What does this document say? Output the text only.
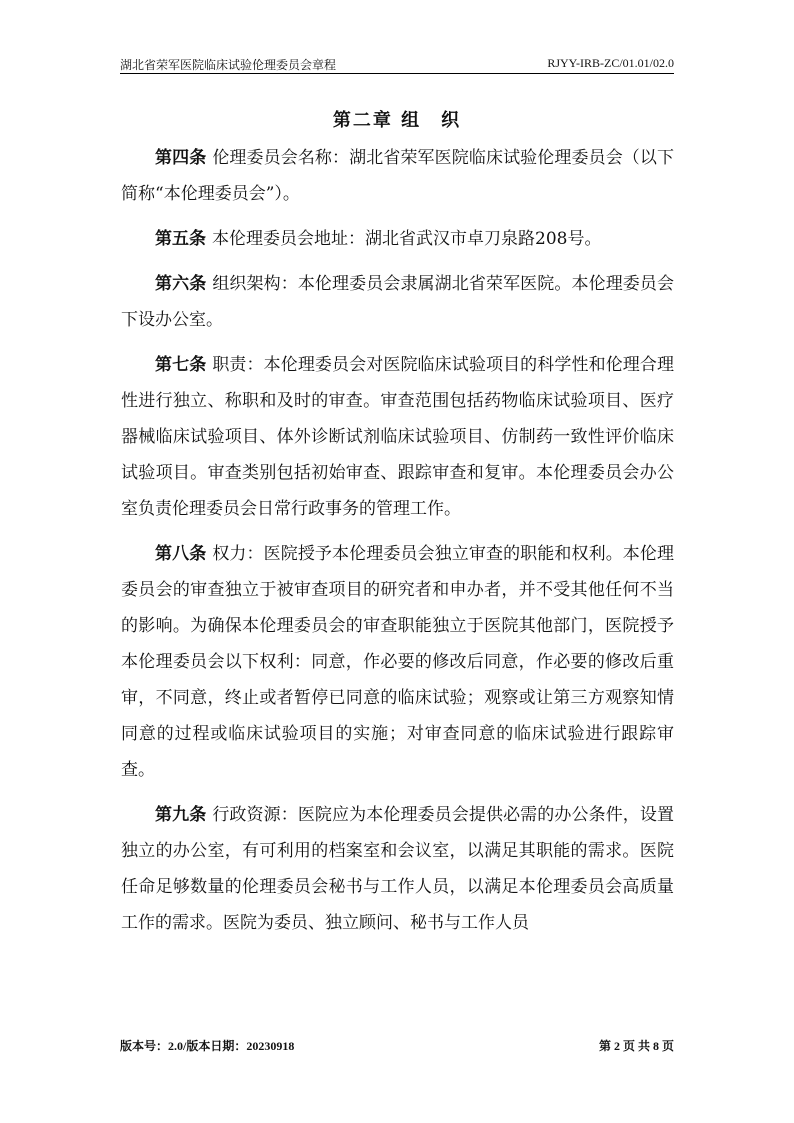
湖北省荣军医院临床试验伦理委员会章程	RJYY-IRB-ZC/01.01/02.0
第二章 组　织

第四条 伦理委员会名称：湖北省荣军医院临床试验伦理委员会（以下简称“本伦理委员会”）。

第五条 本伦理委员会地址：湖北省武汉市卓刀泉路208号。

第六条 组织架构：本伦理委员会隶属湖北省荣军医院。本伦理委员会下设办公室。

第七条 职责：本伦理委员会对医院临床试验项目的科学性和伦理合理性进行独立、称职和及时的审查。审查范围包括药物临床试验项目、医疗器械临床试验项目、体外诊断试剂临床试验项目、仿制药一致性评价临床试验项目。审查类别包括初始审查、跟踪审查和复审。本伦理委员会办公室负责伦理委员会日常行政事务的管理工作。

第八条 权力：医院授予本伦理委员会独立审查的职能和权利。本伦理委员会的审查独立于被审查项目的研究者和申办者，并不受其他任何不当的影响。为确保本伦理委员会的审查职能独立于医院其他部门，医院授予本伦理委员会以下权利：同意，作必要的修改后同意，作必要的修改后重审，不同意，终止或者暂停已同意的临床试验；观察或让第三方观察知情同意的过程或临床试验项目的实施；对审查同意的临床试验进行跟踪审查。

第九条 行政资源：医院应为本伦理委员会提供必需的办公条件，设置独立的办公室，有可利用的档案室和会议室，以满足其职能的需求。医院任命足够数量的伦理委员会秘书与工作人员，以满足本伦理委员会高质量工作的需求。医院为委员、独立顾问、秘书与工作人员

版本号：2.0/版本日期：20230918	第 2 页 共 8 页
